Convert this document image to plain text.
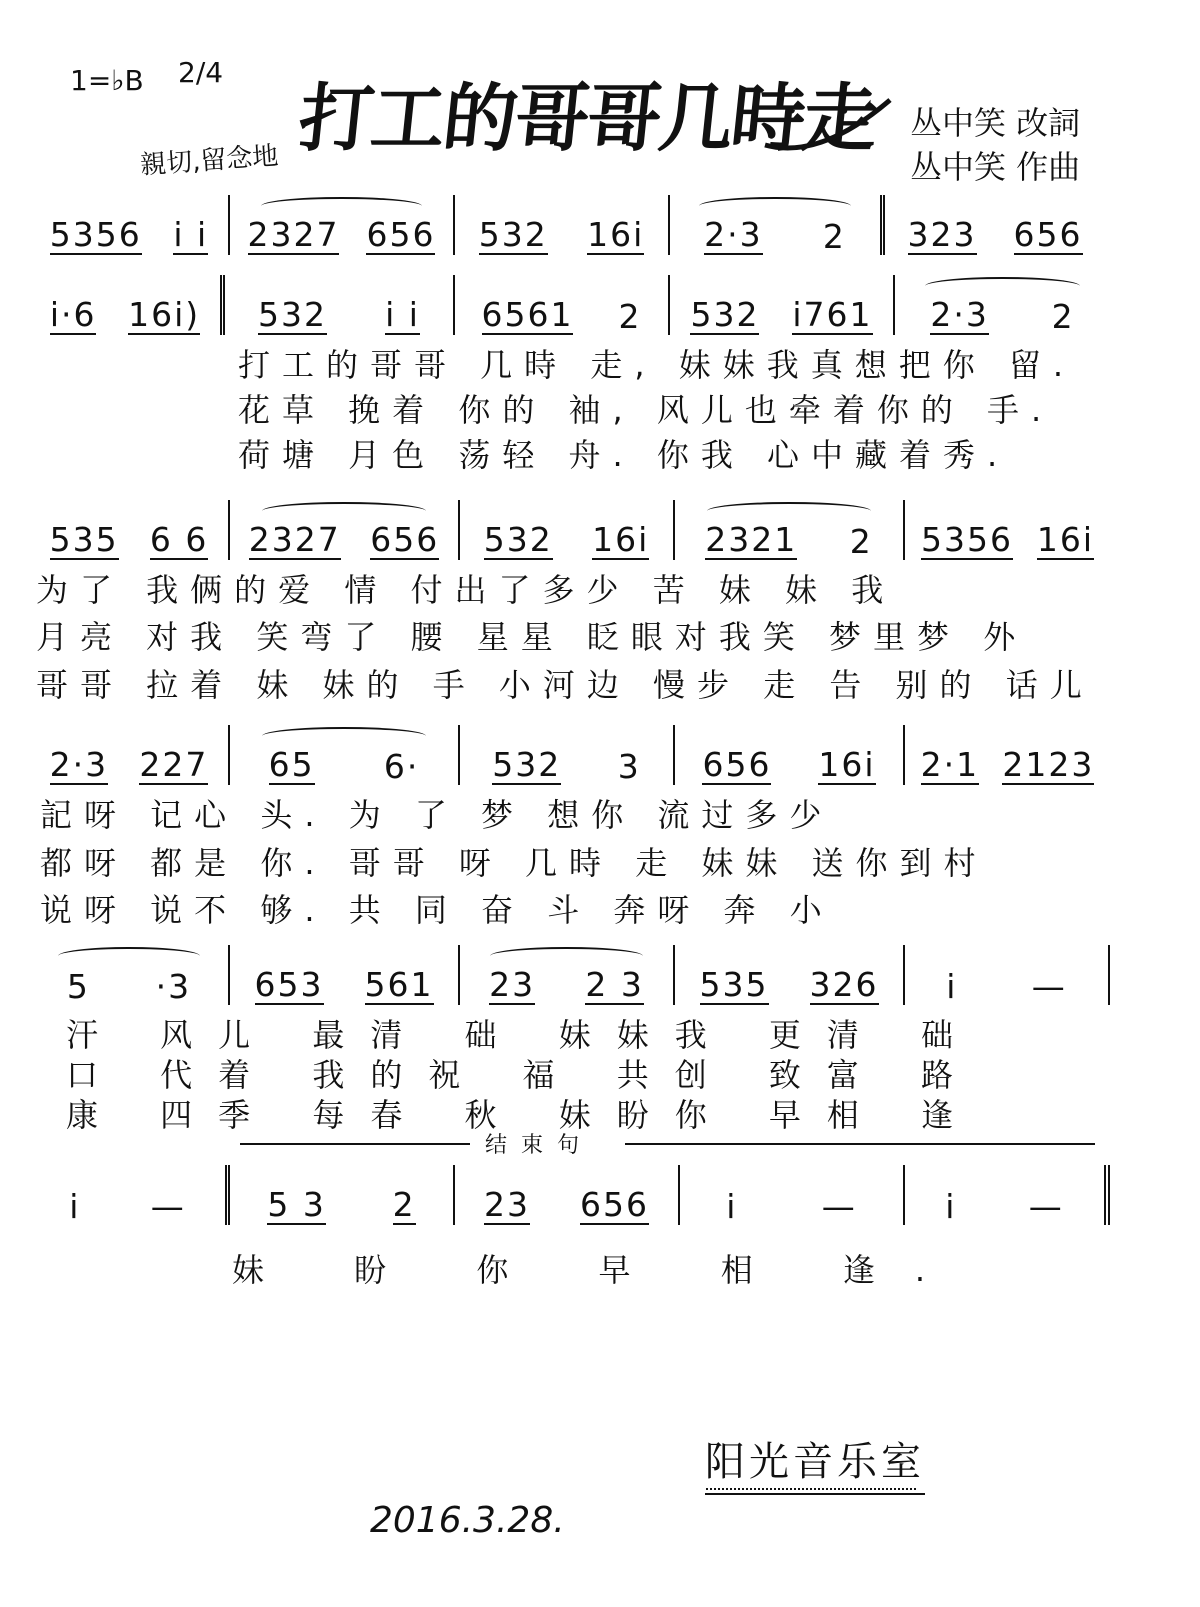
1=♭B 2/4
親切,留念地 打工的哥哥几時走 丛中笑 改詞
丛中笑 作曲
5356 i i 2327 656 532 16i 2·3 2 323 656
i·6 16i) 532 i i 6561 2 532 i761 2·3 2
打工的哥哥 几時 走, 妹妹我真想把你 留.
花草 挽着 你的 袖, 风儿也牵着你的 手.
荷塘 月色 荡轻 舟. 你我 心中藏着秀.
535 6 6 2327 656 532 16i 2321 2 5356 16i
为了 我俩的爱 情 付出了多少 苦 妹 妹 我
月亮 对我 笑弯了 腰 星星 眨眼对我笑 梦里梦 外
哥哥 拉着 妹 妹的 手 小河边 慢步 走 告 别的 话儿
2·3 227 65 6· 532 3 656 16i 2·1 2123
記呀 记心 头. 为 了 梦 想你 流过多少
都呀 都是 你. 哥哥 呀 几時 走 妹妹 送你到村
说呀 说不 够. 共 同 奋 斗 奔呀 奔 小
5 ·3 653 561 23 2 3 535 326 i —
汗 风儿 最清 础 妹妹我 更清 础
口 代着 我的祝 福 共创 致富 路
康 四季 每春 秋 妹盼你 早相 逢
结束句
i — 5 3 2 23 656 i	—	i —
妹 盼 你 早 相 逢.
阳光音乐室
2016.3.28.
